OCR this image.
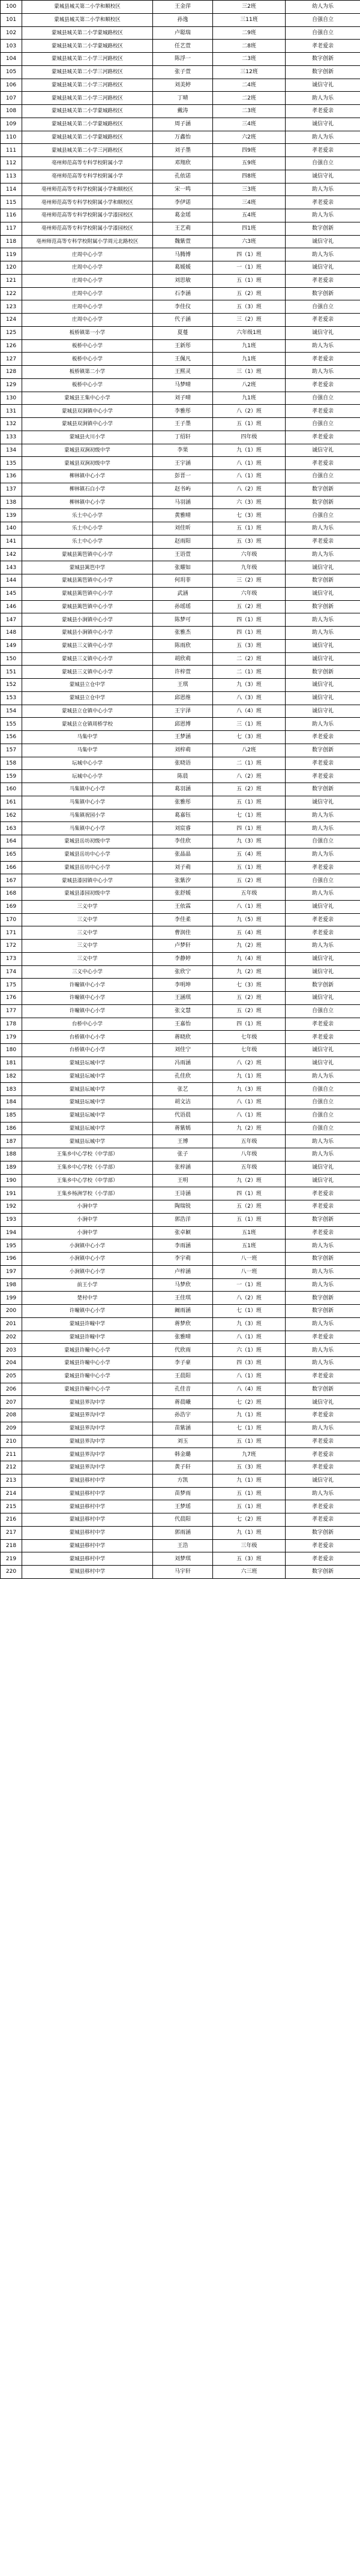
100	蒙城县城关第二小学和顺校区	王金萍	三2班	幼人为乐
101	蒙城县城关第二小学和顺校区	孙逸	三11班	自强自立
102	蒙城县城关第二小学蒙城路校区	卢聪瑞	二9班	自强自立
103	蒙城县城关第二小学蒙城路校区	任艺萱	二8班	孝老爱亲
104	蒙城县城关第二小学三河路校区	陈浮一	二3班	数字创新
105	蒙城县城关第二小学三河路校区	张子萱	三12班	数字创新
106	蒙城县城关第二小学三河路校区	刘美婷	二4班	诚信守礼
107	蒙城县城关第二小学三河路校区	丁晴	二2班	助人为乐
108	蒙城县城关第二小学蒙城路校区	戴涛	二3班	孝老爱亲
109	蒙城县城关第二小学蒙城路校区	周子涵	三4班	诚信守礼
110	蒙城县城关第二小学蒙城路校区	万鑫怡	六2班	助人为乐
111	蒙城县城关第二小学三河路校区	刘子墨	四9班	孝老爱亲
112	亳州师范高等专科学校附属小学	邓翔欣	五9班	自强自立
113	亳州师范高等专科学校附属小学	孔依诺	四8班	诚信守礼
114	亳州师范高等专科学校附属小学和顺校区	宋一鸣	三3班	助人为乐
115	亳州师范高等专科学校附属小学和顺校区	李伊诺	三4班	孝老爱亲
116	亳州师范高等专科学校附属小学漆园校区	葛金瑶	五4班	助人为乐
117	亳州师范高等专科学校附属小学漆园校区	王艺萌	四1班	数字创新
118	亳州师范高等专科学校附属小学周元北路校区	魏紫萱	六3班	诚信守礼
119	庄周中心小学	马腾博	四（1）班	助人为乐
120	庄周中心小学	葛媛媛	一（1）班	诚信守礼
121	庄周中心小学	刘思敏	五（1）班	孝老爱亲
122	庄周中心小学	石李涵	五（2）班	数字创新
123	庄周中心小学	李佳仪	五（3）班	自强自立
124	庄周中心小学	代子涵	三（2）班	孝老爱亲
125	板桥镇第一小学	夏蔓	六年级1班	诚信守礼
126	板桥中心小学	王新彤	九1班	助人为乐
127	板桥中心小学	王佩凡	九1班	孝老爱亲
128	板桥镇第二小学	王熙灵	三（1）班	助人为乐
129	板桥中心小学	马梦晴	八2班	孝老爱亲
130	蒙城县王集中心小学	刘子晴	九1班	自强自立
131	蒙城县双涧镇中心小学	李雅彤	八（2）班	孝老爱亲
132	蒙城县双涧镇中心小学	王子墨	五（1）班	自强自立
133	蒙城县火川小学	丁绍轩	四年级	孝老爱亲
134	蒙城县双涧初级中学	李果	九（1）班	诚信守礼
135	蒙城县双涧初级中学	王宇涵	八（1）班	孝老爱亲
136	柳林镇中心小学	彭晋一	八（1）班	自强自立
137	柳林镇石白小学	赵书屿	八（2）班	数字创新
138	柳林镇中心小学	马羽涵	六（3）班	数字创新
139	乐土中心小学	黄雅晴	七（3）班	自强自立
140	乐土中心小学	刘佳昕	五（1）班	助人为乐
141	乐土中心小学	赵雨阳	五（3）班	孝老爱亲
142	蒙城县篱笆镇中心小学	王语萱	六年级	助人为乐
143	蒙城县篱笆中学	张耀如	九年级	诚信守礼
144	蒙城县篱笆镇中心小学	何玥菲	三（2）班	数字创新
145	蒙城县篱笆镇中心小学	武涵	六年级	诚信守礼
146	蒙城县篱笆镇中心小学	孙瑶瑶	五（2）班	数字创新
147	蒙城县小涧镇中心小学	陈梦可	四（1）班	助人为乐
148	蒙城县小涧镇中心小学	张雅杰	四（1）班	助人为乐
149	蒙城县三义镇中心小学	陈雨欣	五（3）班	诚信守礼
150	蒙城县三义镇中心小学	胡欣萌	二（2）班	诚信守礼
151	蒙城县三义镇中心小学	许梓萱	二（1）班	数字创新
152	蒙城县立仓中学	王琪	九（3）班	诚信守礼
153	蒙城县立仓中学	邱恩维	八（3）班	诚信守礼
154	蒙城县立仓镇中心小学	王宇泽	八（4）班	诚信守礼
155	蒙城县立仓镇周桥学校	邱恩博	三（1）班	助人为乐
156	马集中学	王梦涵	七（3）班	孝老爱亲
157	马集中学	刘梓萌	八2班	数字创新
158	坛城中心小学	张晓语	二（1）班	孝老爱亲
159	坛城中心小学	陈晨	八（2）班	孝老爱亲
160	马集镇中心小学	葛羽涵	五（2）班	数字创新
161	马集镇中心小学	张雅彤	五（1）班	诚信守礼
162	马集镇祝园小学	葛嘉钰	七（1）班	助人为乐
163	马集镇中心小学	刘宸睿	四（1）班	助人为乐
164	蒙城县岳坊初级中学	李佳欣	九（3）班	自强自立
165	蒙城县岳坊中心小学	张晶晶	五（4）班	助人为乐
166	蒙城县岳坊中心小学	刘子萌	五（1）班	孝老爱亲
167	蒙城县漆园镇中心小学	张紫汐	五（2）班	自强自立
168	蒙城县漆园初级中学	张舒媛	五年级	助人为乐
169	三义中学	王依霖	八（1）班	诚信守礼
170	三义中学	李佳柔	九（5）班	孝老爱亲
171	三义中学	曹润佳	五（4）班	孝老爱亲
172	三义中学	卢梦轩	九（2）班	助人为乐
173	三义中学	李静婷	九（4）班	诚信守礼
174	三义中心小学	张欣宁	九（2）班	诚信守礼
175	许疃镇中心小学	李明坤	七（3）班	数字创新
176	许疃镇中心小学	王涵琪	五（2）班	诚信守礼
177	许疃镇中心小学	张文慧	五（2）班	自强自立
178	台桥中心小学	王嘉怡	四（1）班	孝老爱亲
179	台桥镇中心小学	蒋晓欣	七年级	孝老爱亲
180	台桥镇中心小学	刘佳宁	七年级	诚信守礼
181	蒙城县坛城中学	冯雨涵	八（2）班	诚信守礼
182	蒙城县坛城中学	孔佳欣	九（1）班	助人为乐
183	蒙城县坛城中学	张艺	九（3）班	自强自立
184	蒙城县坛城中学	胡文洁	八（1）班	自强自立
185	蒙城县坛城中学	代语晨	八（1）班	自强自立
186	蒙城县坛城中学	蒋紫嫣	九（2）班	自强自立
187	蒙城县坛城中学	王博	五年级	助人为乐
188	王集乡中心学校（中学部）	张子	八年级	助人为乐
189	王集乡中心学校（小学部）	张梓涵	五年级	诚信守礼
190	王集乡中心学校（中学部）	王明	九（2）班	诚信守礼
191	王集乡杨洲学校（小学部）	王诗涵	四（1）班	孝老爱亲
192	小涧中学	陶瑞锐	五（2）班	孝老爱亲
193	小涧中学	郭浩洋	五（1）班	数字创新
194	小涧中学	张卓颖	五1班	孝老爱亲
195	小涧镇中心小学	李雨涵	五1班	助人为乐
196	小涧镇中心小学	李宇萌	八一班	数字创新
197	小涧镇中心小学	卢梓涵	八一班	助人为乐
198	前王小学	马梦欣	一（1）班	助人为乐
199	楚村中学	王佳琪	八（2）班	数字创新
200	许疃镇中心小学	阚雨涵	七（1）班	数字创新
201	蒙城县许疃中学	蒋梦欣	九（3）班	助人为乐
202	蒙城县许疃中学	张雅晴	八（1）班	孝老爱亲
203	蒙城县许疃中心小学	代欣雨	六（1）班	助人为乐
204	蒙城县许疃中心小学	李子豪	四（3）班	助人为乐
205	蒙城县许疃中心小学	王晨阳	八（1）班	孝老爱亲
206	蒙城县许疃中心小学	孔佳音	八（4）班	数字创新
207	蒙城县界沟中学	蒋晨曦	七（2）班	诚信守礼
208	蒙城县界沟中学	孙浩宇	九（1）班	孝老爱亲
209	蒙城县界沟中学	苗紫涵	七（1）班	助人为乐
210	蒙城县界沟中学	刘玉	五（1）班	孝老爱亲
211	蒙城县界沟中学	韩金璐	九7班	孝老爱亲
212	蒙城县界沟中学	黄子轩	五（3）班	孝老爱亲
213	蒙城县移村中学	方凯	九（1）班	诚信守礼
214	蒙城县移村中学	苗梦雨	五（1）班	助人为乐
215	蒙城县移村中学	王梦瑶	五（1）班	孝老爱亲
216	蒙城县移村中学	代晨阳	七（2）班	孝老爱亲
217	蒙城县移村中学	郭雨涵	九（1）班	数字创新
218	蒙城县移村中学	王浩	三年级	孝老爱亲
219	蒙城县移村中学	刘梦琪	五（3）班	孝老爱亲
220	蒙城县移村中学	马宇轩	六三班	数字创新
